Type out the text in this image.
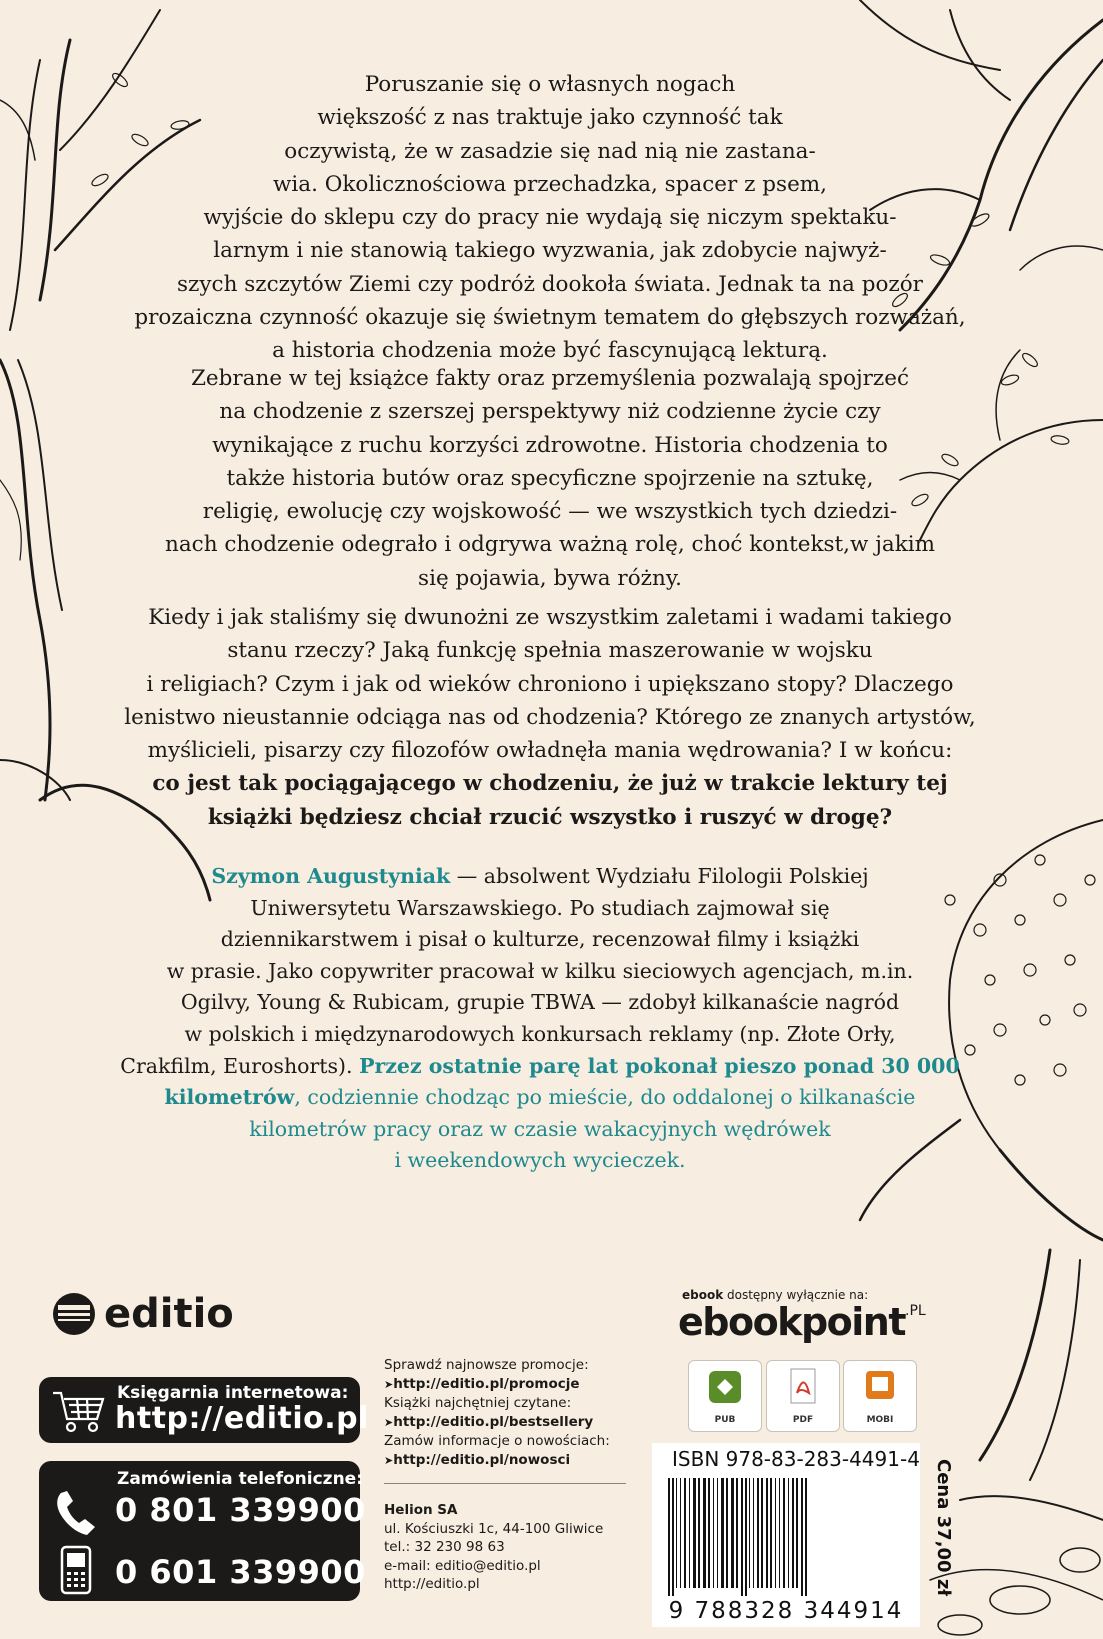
Poruszanie się o własnych nogach
większość z nas traktuje jako czynność tak
oczywistą, że w zasadzie się nad nią nie zastana-
wia. Okolicznościowa przechadzka, spacer z psem,
wyjście do sklepu czy do pracy nie wydają się niczym spektaku-
larnym i nie stanowią takiego wyzwania, jak zdobycie najwyż-
szych szczytów Ziemi czy podróż dookoła świata. Jednak ta na pozór
prozaiczna czynność okazuje się świetnym tematem do głębszych rozważań,
a historia chodzenia może być fascynującą lekturą.

Zebrane w tej książce fakty oraz przemyślenia pozwalają spojrzeć
na chodzenie z szerszej perspektywy niż codzienne życie czy
wynikające z ruchu korzyści zdrowotne. Historia chodzenia to
także historia butów oraz specyficzne spojrzenie na sztukę,
religię, ewolucję czy wojskowość — we wszystkich tych dziedzi-
nach chodzenie odegrało i odgrywa ważną rolę, choć kontekst,w jakim
się pojawia, bywa różny.

Kiedy i jak staliśmy się dwunożni ze wszystkim zaletami i wadami takiego
stanu rzeczy? Jaką funkcję spełnia maszerowanie w wojsku
i religiach? Czym i jak od wieków chroniono i upiększano stopy? Dlaczego
lenistwo nieustannie odciąga nas od chodzenia? Którego ze znanych artystów,
myślicieli, pisarzy czy filozofów owładnęła mania wędrowania? I w końcu:
co jest tak pociągającego w chodzeniu, że już w trakcie lektury tej
książki będziesz chciał rzucić wszystko i ruszyć w drogę?

Szymon Augustyniak — absolwent Wydziału Filologii Polskiej
Uniwersytetu Warszawskiego. Po studiach zajmował się
dziennikarstwem i pisał o kulturze, recenzował filmy i książki
w prasie. Jako copywriter pracował w kilku sieciowych agencjach, m.in.
Ogilvy, Young & Rubicam, grupie TBWA — zdobył kilkanaście nagród
w polskich i międzynarodowych konkursach reklamy (np. Złote Orły,
Crakfilm, Euroshorts). Przez ostatnie parę lat pokonał pieszo ponad 30 000
kilometrów, codziennie chodząc po mieście, do oddalonej o kilkanaście
kilometrów pracy oraz w czasie wakacyjnych wędrówek
i weekendowych wycieczek.

editio
Księgarnia internetowa:
http://editio.pl
Zamówienia telefoniczne:
0 801 339900
0 601 339900
Sprawdź najnowsze promocje:
➤ http://editio.pl/promocje
Książki najchętniej czytane:
➤ http://editio.pl/bestsellery
Zamów informacje o nowościach:
➤ http://editio.pl/nowosci
Helion SA
ul. Kościuszki 1c, 44-100 Gliwice
tel.: 32 230 98 63
e-mail: editio@editio.pl
http://editio.pl
ebook dostępny wyłącznie na:
ebookpoint$^{.PL}$
PUB	PDF	MOBI
ISBN 978-83-283-4491-4
9 788328 344914
Cena 37,00 zł
